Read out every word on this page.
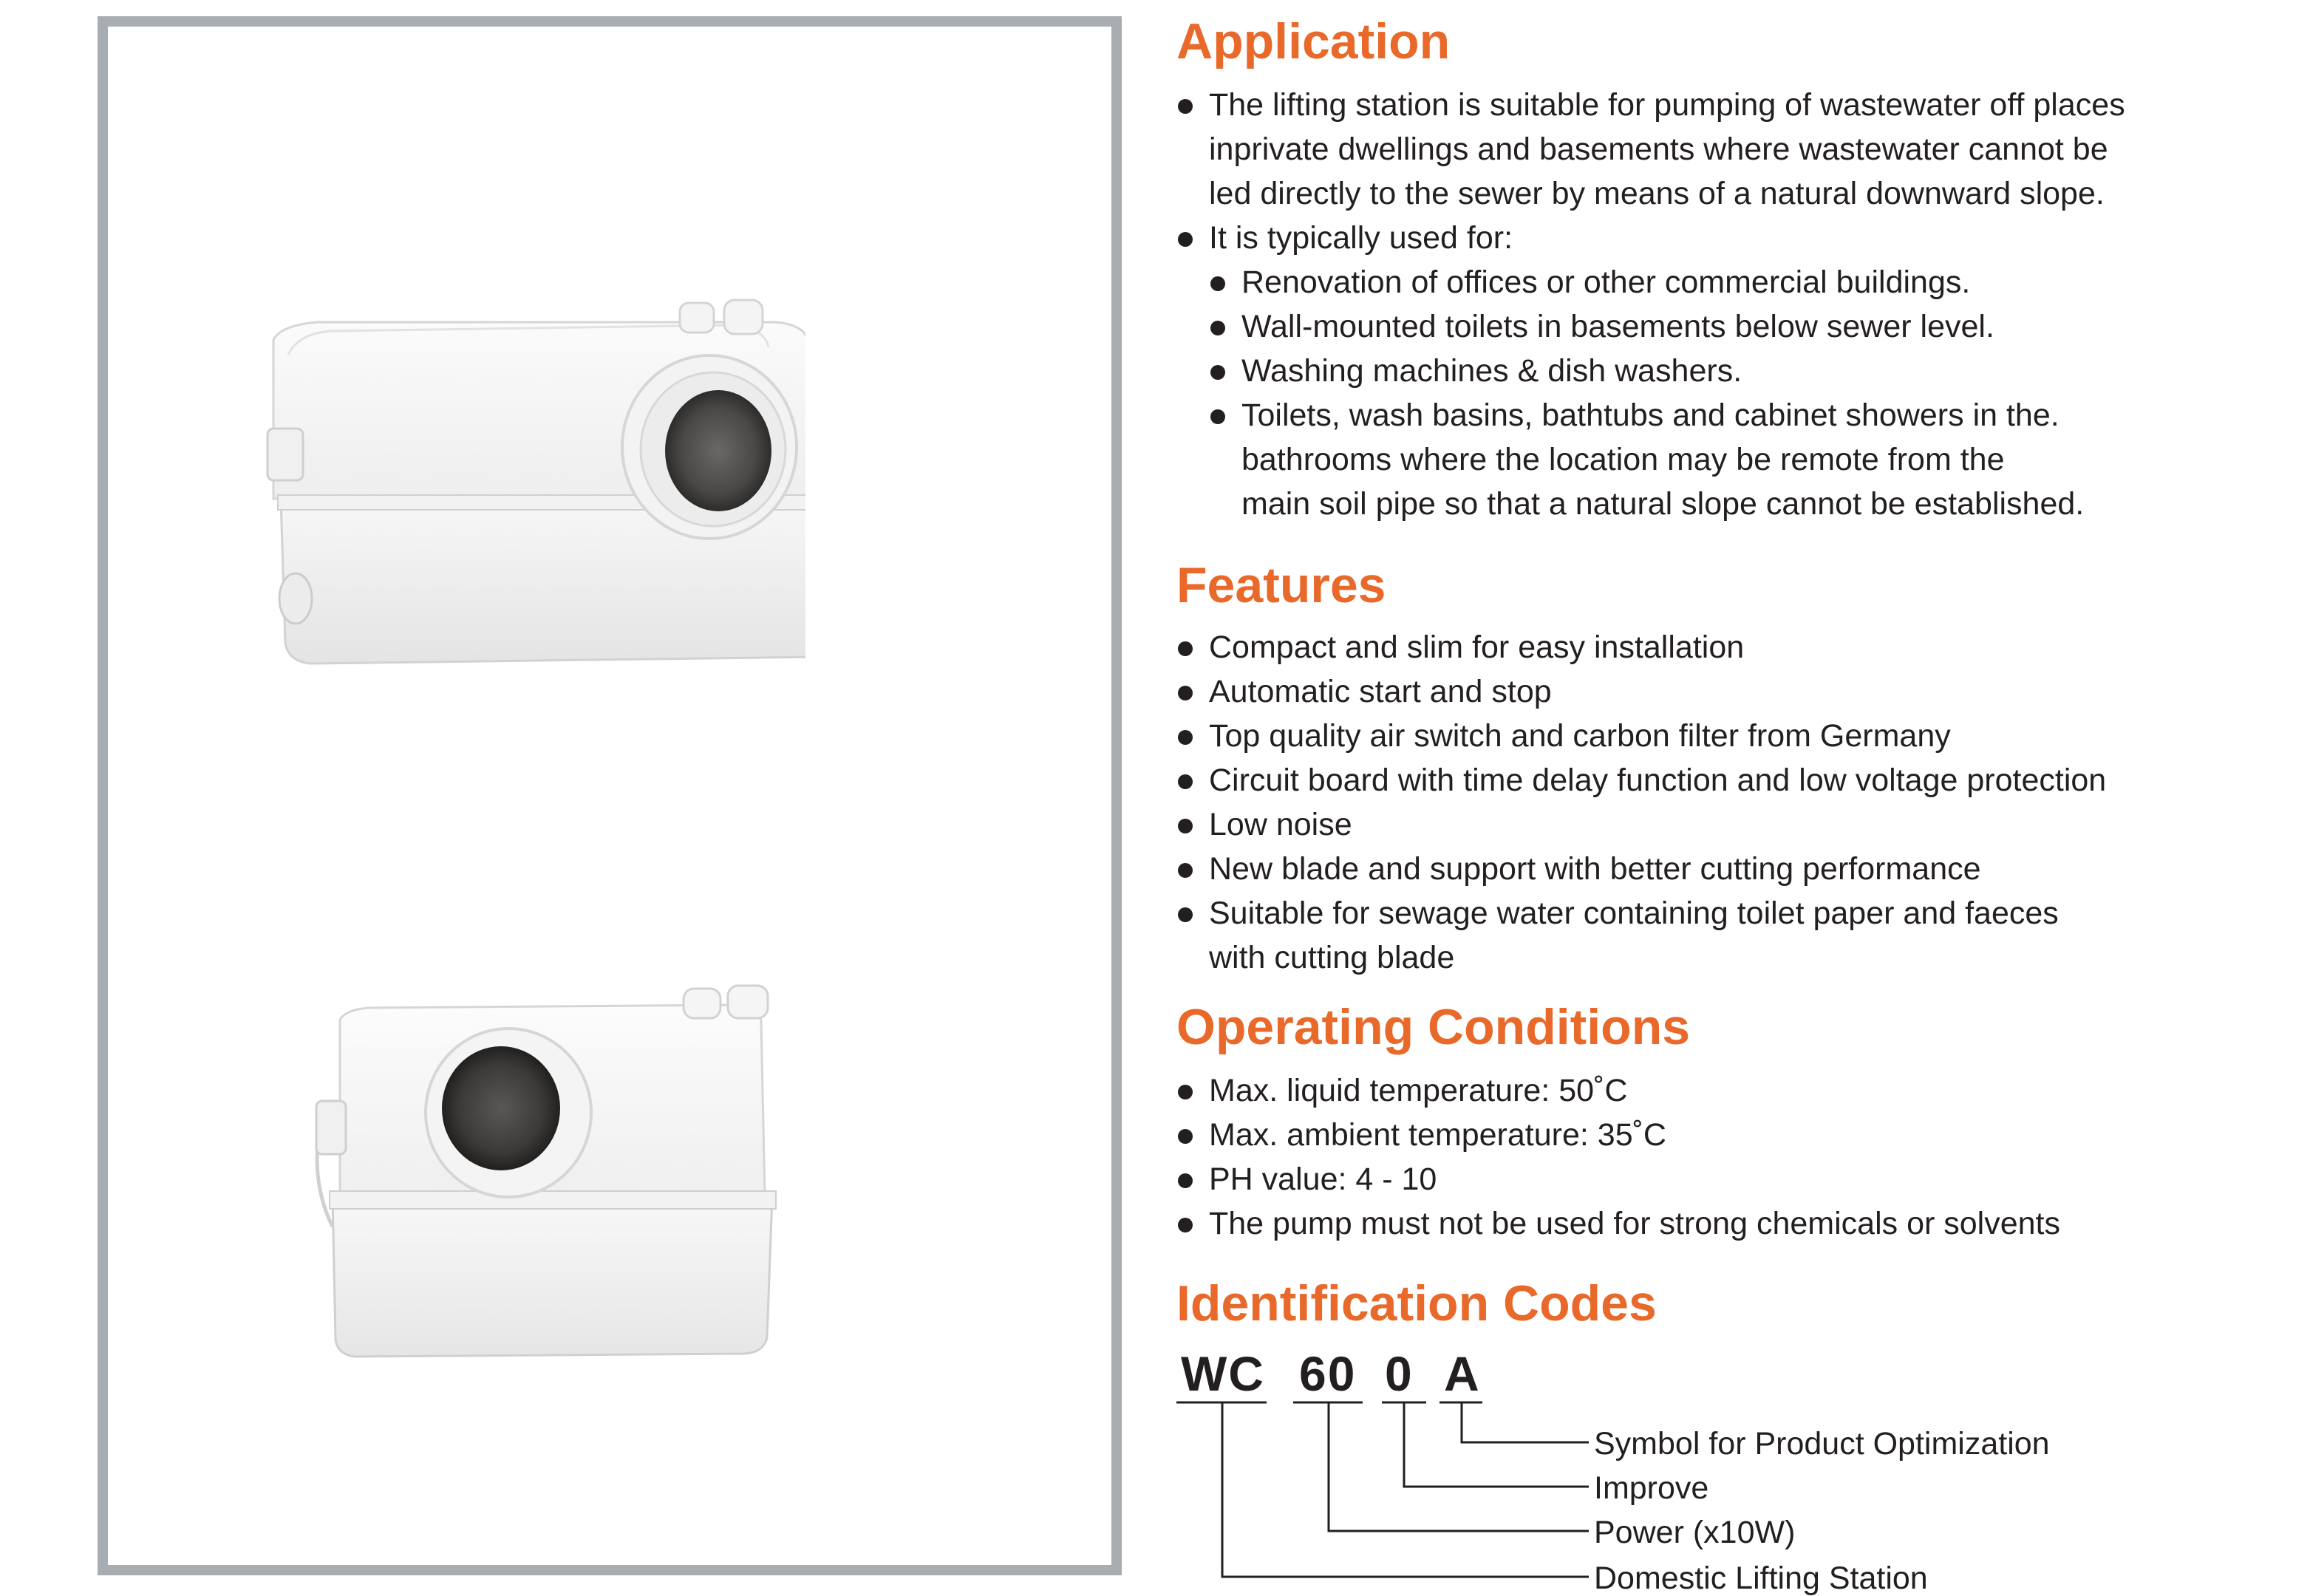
Application
The lifting station is suitable for pumping of wastewater off places
inprivate dwellings and basements where wastewater cannot be
led directly to the sewer by means of a natural downward slope.
It is typically used for:
Renovation of offices or other commercial buildings.
Wall-mounted toilets in basements below sewer level.
Washing machines & dish washers.
Toilets, wash basins, bathtubs and cabinet showers in the.
bathrooms where the location may be remote from the
main soil pipe so that a natural slope cannot be established.
Features
Compact and slim for easy installation
Automatic start and stop
Top quality air switch and carbon filter from Germany
Circuit board with time delay function and low voltage protection
Low noise
New blade and support with better cutting performance
Suitable for sewage water containing toilet paper and faeces
with cutting blade
Operating Conditions
Max. liquid temperature: 50˚C
Max. ambient temperature: 35˚C
PH value: 4 - 10
The pump must not be used for strong chemicals or solvents
Identification Codes
WC 60 0 A
Symbol for Product Optimization
Improve
Power (x10W)
Domestic Lifting Station
